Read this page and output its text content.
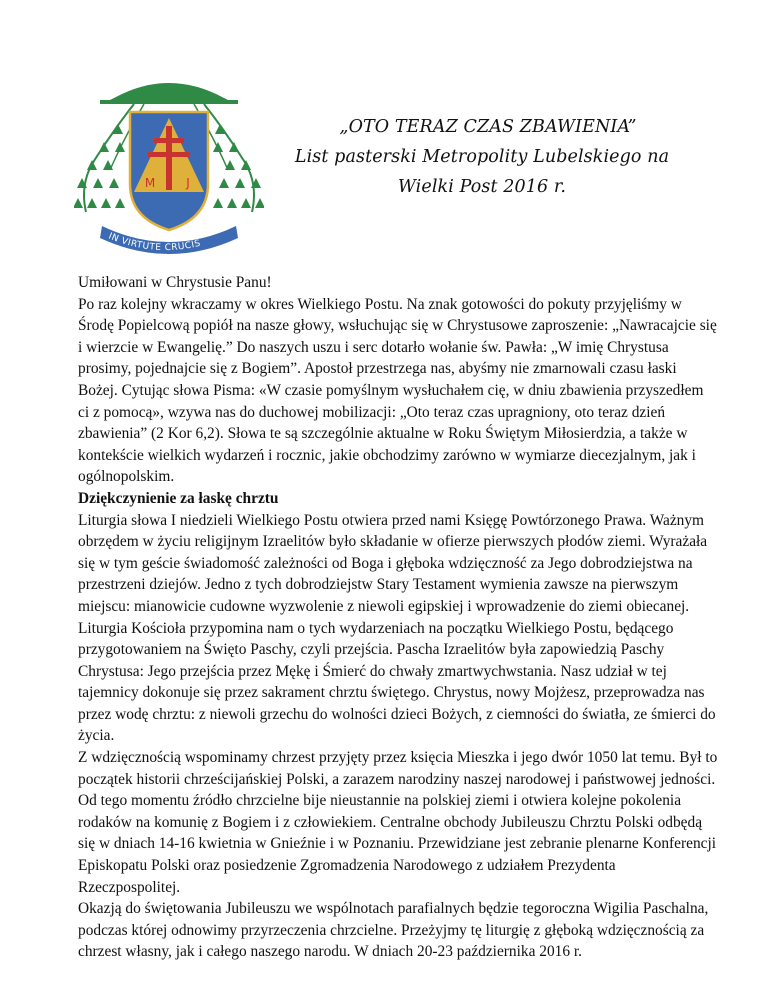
M	J
IN VIRTUTE CRUCIS
„OTO TERAZ CZAS ZBAWIENIA”
List pasterski Metropolity Lubelskiego na
Wielki Post 2016 r.

Umiłowani w Chrystusie Panu!

Po raz kolejny wkraczamy w okres Wielkiego Postu. Na znak gotowości do pokuty przyjęliśmy w Środę Popielcową popiół na nasze głowy, wsłuchując się w Chrystusowe zaproszenie: „Nawracajcie się i wierzcie w Ewangelię.” Do naszych uszu i serc dotarło wołanie św. Pawła: „W imię Chrystusa prosimy, pojednajcie się z Bogiem”. Apostoł przestrzega nas, abyśmy nie zmarnowali czasu łaski Bożej. Cytując słowa Pisma: «W czasie pomyślnym wysłuchałem cię, w dniu zbawienia przyszedłem ci z pomocą», wzywa nas do duchowej mobilizacji: „Oto teraz czas upragniony, oto teraz dzień zbawienia” (2 Kor 6,2). Słowa te są szczególnie aktualne w Roku Świętym Miłosierdzia, a także w kontekście wielkich wydarzeń i rocznic, jakie obchodzimy zarówno w wymiarze diecezjalnym, jak i ogólnopolskim.

Dziękczynienie za łaskę chrztu

Liturgia słowa I niedzieli Wielkiego Postu otwiera przed nami Księgę Powtórzonego Prawa. Ważnym obrzędem w życiu religijnym Izraelitów było składanie w ofierze pierwszych płodów ziemi. Wyrażała się w tym geście świadomość zależności od Boga i głęboka wdzięczność za Jego dobrodziejstwa na przestrzeni dziejów. Jedno z tych dobrodziejstw Stary Testament wymienia zawsze na pierwszym miejscu: mianowicie cudowne wyzwolenie z niewoli egipskiej i wprowadzenie do ziemi obiecanej.

Liturgia Kościoła przypomina nam o tych wydarzeniach na początku Wielkiego Postu, będącego przygotowaniem na Święto Paschy, czyli przejścia. Pascha Izraelitów była zapowiedzią Paschy Chrystusa: Jego przejścia przez Mękę i Śmierć do chwały zmartwychwstania. Nasz udział w tej tajemnicy dokonuje się przez sakrament chrztu świętego. Chrystus, nowy Mojżesz, przeprowadza nas przez wodę chrztu: z niewoli grzechu do wolności dzieci Bożych, z ciemności do światła, ze śmierci do życia.

Z wdzięcznością wspominamy chrzest przyjęty przez księcia Mieszka i jego dwór 1050 lat temu. Był to początek historii chrześcijańskiej Polski, a zarazem narodziny naszej narodowej i państwowej jedności. Od tego momentu źródło chrzcielne bije nieustannie na polskiej ziemi i otwiera kolejne pokolenia rodaków na komunię z Bogiem i z człowiekiem. Centralne obchody Jubileuszu Chrztu Polski odbędą się w dniach 14-16 kwietnia w Gnieźnie i w Poznaniu. Przewidziane jest zebranie plenarne Konferencji Episkopatu Polski oraz posiedzenie Zgromadzenia Narodowego z udziałem Prezydenta Rzeczpospolitej.

Okazją do świętowania Jubileuszu we wspólnotach parafialnych będzie tegoroczna Wigilia Paschalna, podczas której odnowimy przyrzeczenia chrzcielne. Przeżyjmy tę liturgię z głęboką wdzięcznością za chrzest własny, jak i całego naszego narodu. W dniach 20-23 października 2016 r.
